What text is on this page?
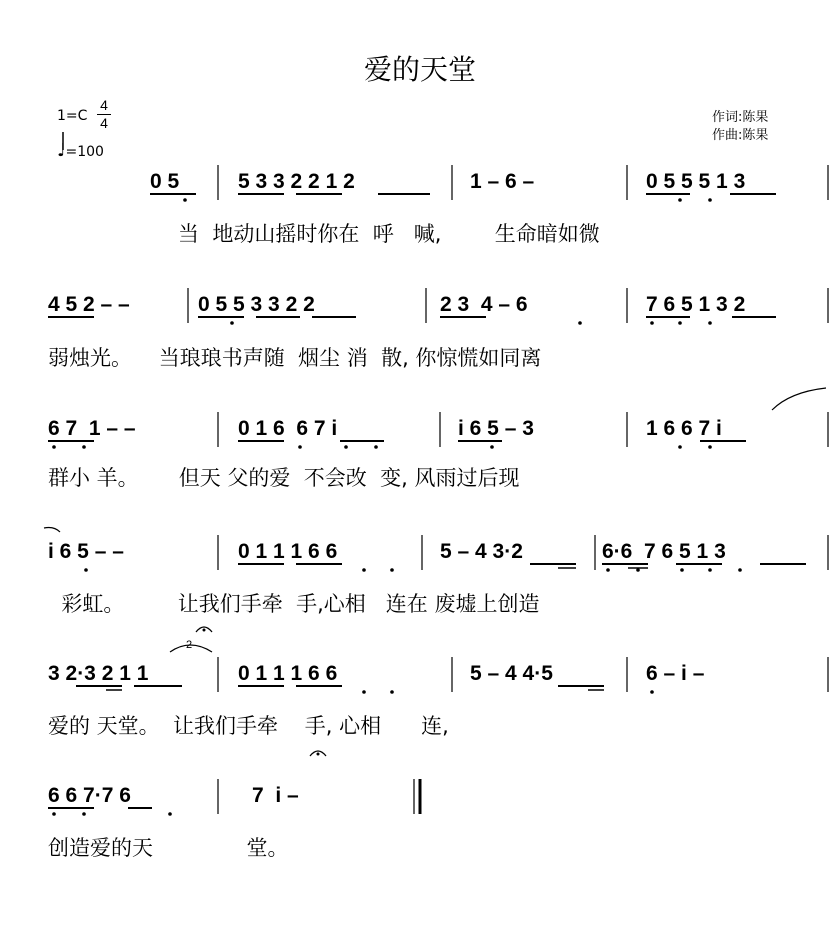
爱的天堂
1=C
4
4
♩=100
作词:陈果
作曲:陈果
0 5	5 3 3 2 2 1 2	1 – 6 –	0 5 5 5 1 3
当  地动山摇时你在  呼   喊,        生命暗如微
4 5 2 – –	0 5 5 3 3 2 2	2 3  4 – 6	7 6 5 1 3 2
弱烛光。    当琅琅书声随  烟尘 消  散, 你惊慌如同离
6 7  1 – –	0 1 6  6 7 i	i 6 5 – 3	1 6 6 7 i
群小 羊。      但天 父的爱  不会改  变, 风雨过后现
i 6 5 – –	0 1 1 1 6 6	5 – 4 3·2	6·6  7 6 5 1 3
彩虹。        让我们手牵  手,心相   连在 废墟上创造
3 2·3 2 1 1	0 1 1 1 6 6	5 – 4 4·5	6 – i –
爱的 天堂。  让我们手牵    手, 心相      连,
6 6 7·7 6	7  i –
创造爱的天              堂。
2
